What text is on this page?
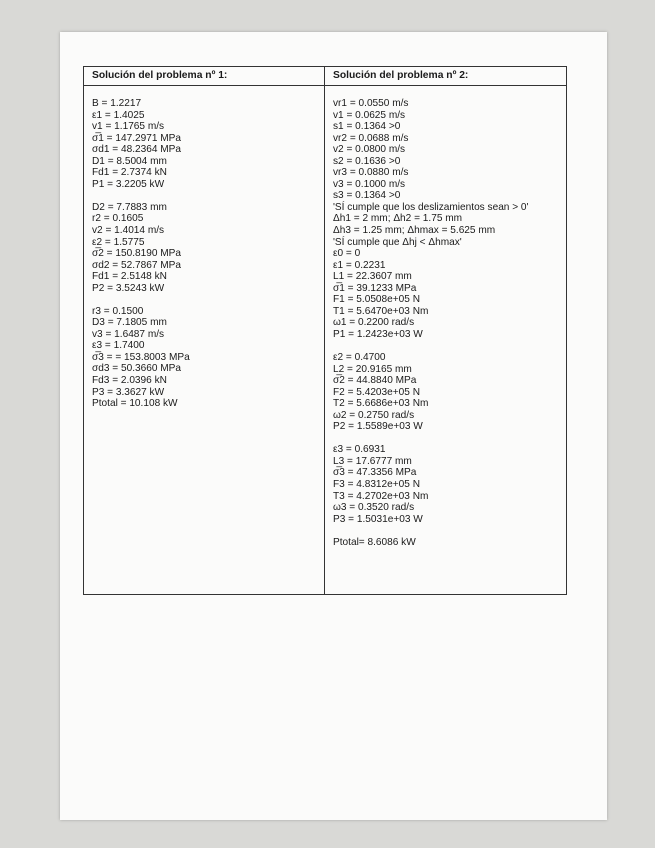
Solución del problema nº 1:
B = 1.2217
ε1 = 1.4025
v1 = 1.1765 m/s
σ̅1 = 147.2971 MPa
σd1 = 48.2364 MPa
D1 = 8.5004 mm
Fd1 = 2.7374 kN
P1 = 3.2205 kW
D2 = 7.7883 mm
r2 = 0.1605
v2 = 1.4014 m/s
ε2 = 1.5775
σ̅2 = 150.8190 MPa
σd2 = 52.7867 MPa
Fd1 = 2.5148 kN
P2 = 3.5243 kW
r3 = 0.1500
D3 = 7.1805 mm
v3 = 1.6487 m/s
ε3 = 1.7400
σ̅3 = = 153.8003 MPa
σd3 = 50.3660 MPa
Fd3 = 2.0396 kN
P3 = 3.3627 kW
Ptotal = 10.108 kW
Solución del problema nº 2:
vr1 = 0.0550 m/s
v1 = 0.0625 m/s
s1 = 0.1364 >0
vr2 = 0.0688 m/s
v2 = 0.0800 m/s
s2 = 0.1636 >0
vr3 = 0.0880 m/s
v3 = 0.1000 m/s
s3 = 0.1364 >0
'SÍ cumple que los deslizamientos sean > 0'
Δh1 = 2 mm; Δh2 = 1.75 mm
Δh3 = 1.25 mm; Δhmax = 5.625 mm
'SÍ cumple que Δhj < Δhmax'
ε0 = 0
ε1 = 0.2231
L1 = 22.3607 mm
σ̅1 = 39.1233 MPa
F1 = 5.0508e+05 N
T1 = 5.6470e+03 Nm
ω1 = 0.2200 rad/s
P1 = 1.2423e+03 W
ε2 = 0.4700
L2 = 20.9165 mm
σ̅2 = 44.8840 MPa
F2 = 5.4203e+05 N
T2 = 5.6686e+03 Nm
ω2 = 0.2750 rad/s
P2 = 1.5589e+03 W
ε3 = 0.6931
L3 = 17.6777 mm
σ̅3 = 47.3356 MPa
F3 = 4.8312e+05 N
T3 = 4.2702e+03 Nm
ω3 = 0.3520 rad/s
P3 = 1.5031e+03 W
Ptotal= 8.6086 kW
